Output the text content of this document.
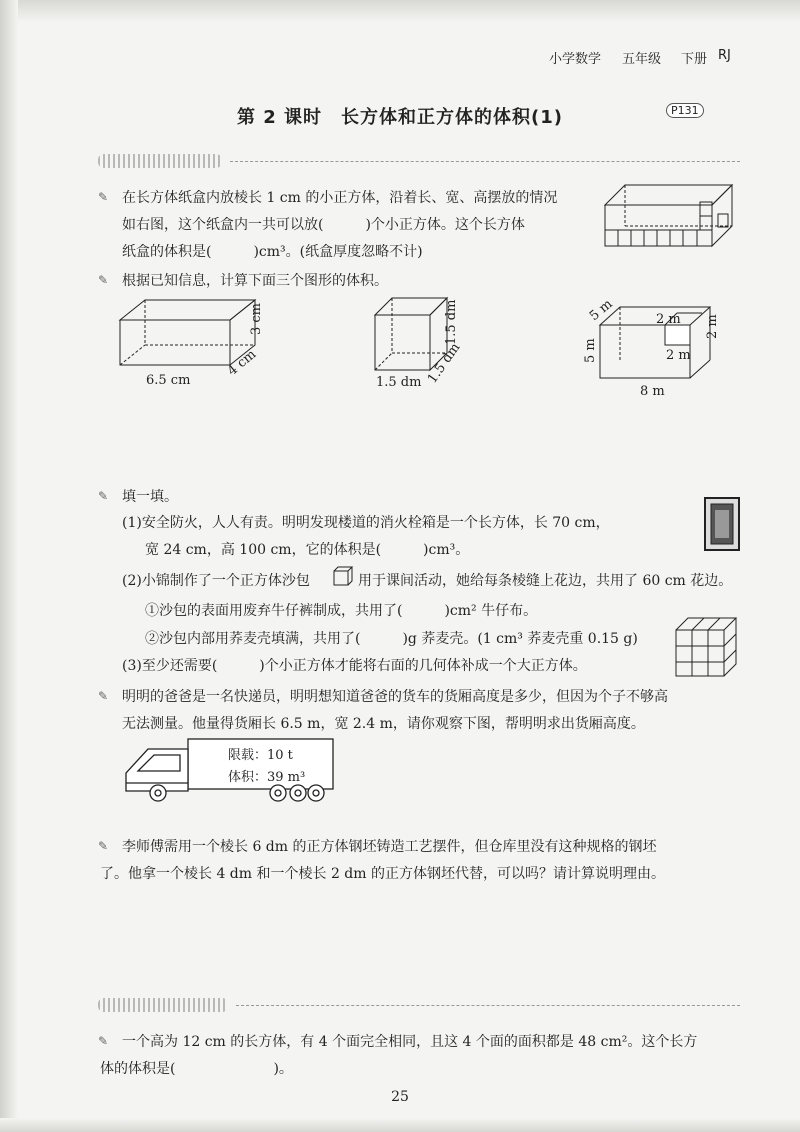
小学数学 五年级 下册 RJ
第 2 课时　长方体和正方体的体积(1)	P131
✎ 在长方体纸盒内放棱长 1 cm 的小正方体，沿着长、宽、高摆放的情况
如右图，这个纸盒内一共可以放(　　　)个小正方体。这个长方体
纸盒的体积是(　　　)cm³。(纸盒厚度忽略不计)
✎ 根据已知信息，计算下面三个图形的体积。
6.5 cm
4 cm
3 cm
1.5 dm 1.5 dm
1.5 dm	5 m
5 m
8 m
2 m 2 m
2 m
✎ 填一填。
(1)安全防火，人人有责。明明发现楼道的消火栓箱是一个长方体，长 70 cm，
宽 24 cm，高 100 cm，它的体积是(　　　)cm³。
(2)小锦制作了一个正方体沙包	用于课间活动，她给每条棱缝上花边，共用了 60 cm 花边。
①沙包的表面用废弃牛仔裤制成，共用了(　　　)cm² 牛仔布。
②沙包内部用荞麦壳填满，共用了(　　　)g 荞麦壳。(1 cm³ 荞麦壳重 0.15 g)
(3)至少还需要(　　　)个小正方体才能将右面的几何体补成一个大正方体。
✎ 明明的爸爸是一名快递员，明明想知道爸爸的货车的货厢高度是多少，但因为个子不够高
无法测量。他量得货厢长 6.5 m，宽 2.4 m，请你观察下图，帮明明求出货厢高度。
限载：10 t
体积：39 m³
✎ 李师傅需用一个棱长 6 dm 的正方体钢坯铸造工艺摆件，但仓库里没有这种规格的钢坯
了。他拿一个棱长 4 dm 和一个棱长 2 dm 的正方体钢坯代替，可以吗？请计算说明理由。
✎ 一个高为 12 cm 的长方体，有 4 个面完全相同，且这 4 个面的面积都是 48 cm²。这个长方
体的体积是(　　　　　　　)。
25
